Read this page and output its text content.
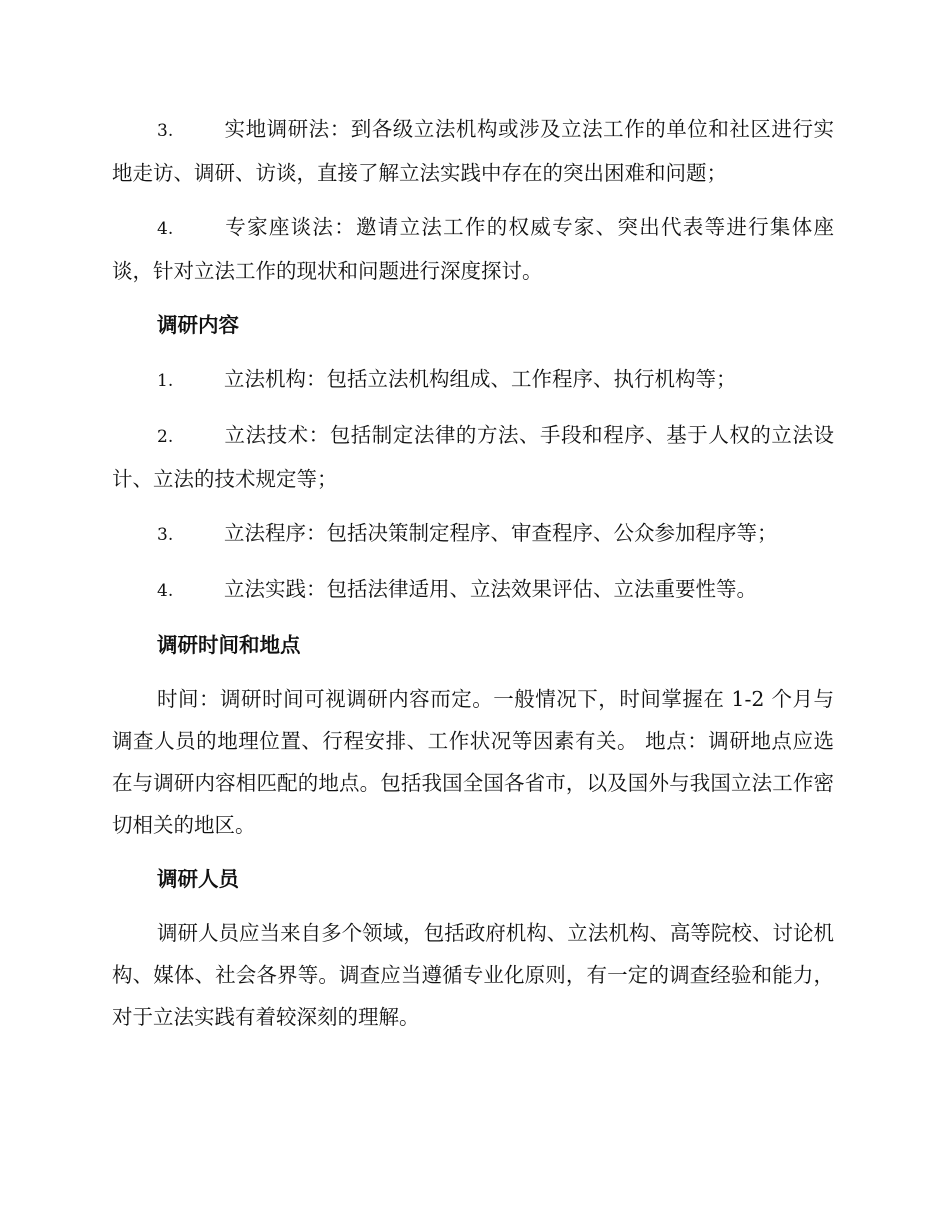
3. 实地调研法：到各级立法机构或涉及立法工作的单位和社区进行实地走访、调研、访谈，直接了解立法实践中存在的突出困难和问题；

4. 专家座谈法：邀请立法工作的权威专家、突出代表等进行集体座谈，针对立法工作的现状和问题进行深度探讨。

调研内容

1. 立法机构：包括立法机构组成、工作程序、执行机构等；

2. 立法技术：包括制定法律的方法、手段和程序、基于人权的立法设计、立法的技术规定等；

3. 立法程序：包括决策制定程序、审查程序、公众参加程序等；

4. 立法实践：包括法律适用、立法效果评估、立法重要性等。

调研时间和地点

时间：调研时间可视调研内容而定。一般情况下，时间掌握在 1-2 个月与调查人员的地理位置、行程安排、工作状况等因素有关。 地点：调研地点应选在与调研内容相匹配的地点。包括我国全国各省市，以及国外与我国立法工作密切相关的地区。

调研人员

调研人员应当来自多个领域，包括政府机构、立法机构、高等院校、讨论机构、媒体、社会各界等。调查应当遵循专业化原则，有一定的调查经验和能力，对于立法实践有着较深刻的理解。
